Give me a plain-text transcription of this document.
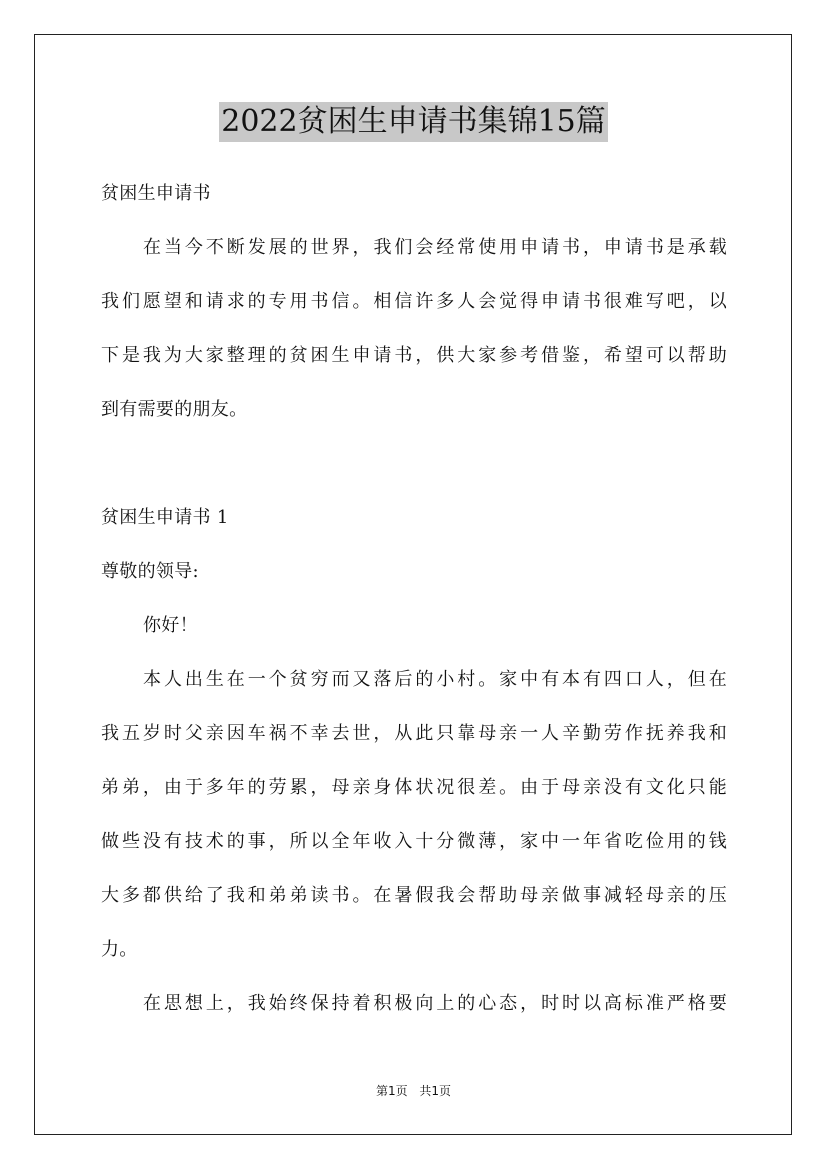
2022贫困生申请书集锦15篇
贫困生申请书
在当今不断发展的世界，我们会经常使用申请书，申请书是承载
我们愿望和请求的专用书信。相信许多人会觉得申请书很难写吧，以
下是我为大家整理的贫困生申请书，供大家参考借鉴，希望可以帮助
到有需要的朋友。
贫困生申请书 1
尊敬的领导:
你好！
本人出生在一个贫穷而又落后的小村。家中有本有四口人，但在
我五岁时父亲因车祸不幸去世，从此只靠母亲一人辛勤劳作抚养我和
弟弟，由于多年的劳累，母亲身体状况很差。由于母亲没有文化只能
做些没有技术的事，所以全年收入十分微薄，家中一年省吃俭用的钱
大多都供给了我和弟弟读书。在暑假我会帮助母亲做事减轻母亲的压
力。
在思想上，我始终保持着积极向上的心态，时时以高标准严格要
第1页 共1页
